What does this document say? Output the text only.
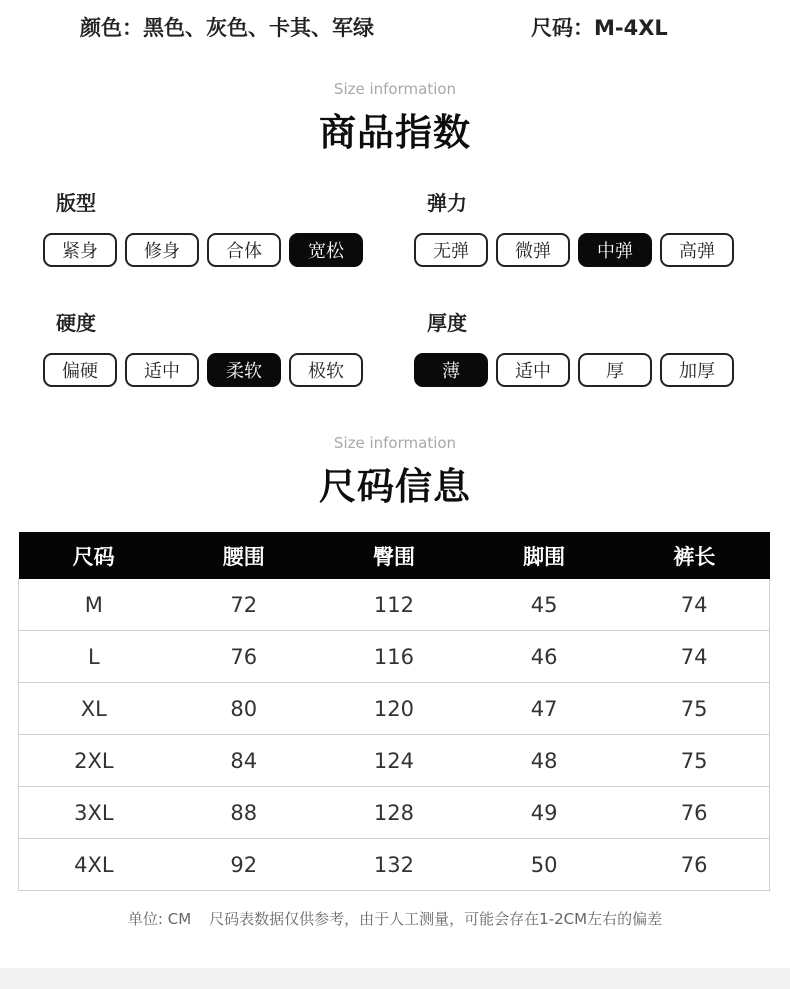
颜色：黑色、灰色、卡其、军绿	尺码：M-4XL
Size information
商品指数
版型
紧身	修身	合体	宽松
弹力
无弹	微弹	中弹	高弹
硬度
偏硬	适中	柔软	极软
厚度
薄	适中	厚	加厚
Size information
尺码信息
尺码	腰围	臀围	脚围	裤长
M	72	112	45	74
L	76	116	46	74
XL	80	120	47	75
2XL	84	124	48	75
3XL	88	128	49	76
4XL	92	132	50	76
单位: CM 尺码表数据仅供参考，由于人工测量，可能会存在1-2CM左右的偏差
